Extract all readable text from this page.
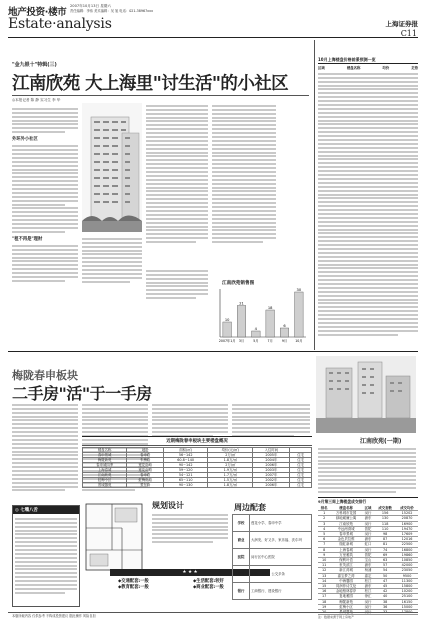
地产投资·楼市
2007年10月13日 星期六
责任编辑：李伟 美术编辑：吴 旭 电话：021-38967xxx
Estate·analysis	上海证券报
C11
"金九银十"特辑(三)
江南欣苑 大上海里"讨生活"的小社区
◎本报记者 陈 静 实习生 李 华
外环外小社区
"租不再是"理财
江南欣苑销售图
10
2007年1月
21
3月
4
5月
18
7月
6
9月
30
10月
10月上海楼盘价格前景预测一览
区域	楼盘名称	均价	走势
梅陇春申板块
二手房"活"于一手房
江南欣苑(一期)
近期梅陇春申板块主要楼盘概况
楼盘名称	地址	面积(㎡)	均价(元/㎡)	入住时间	
春申景城	春申路	56~142	2万/㎡	2005年	住宅
梅陇新苑	朱梅路	60.8~140	1.8万/㎡	2004年	住宅
春申城四季	莲花南路	90~142	2万/㎡	2006年	住宅
上海春城	莲花南路	59~120	1.9万/㎡	2003年	住宅
江南欣苑	春申路	54~121	1.7万/㎡	2007年	住宅
虹梅小区	虹梅南路	65~110	1.5万/㎡	2002年	住宅
景城馨苑	景东路	90~130	1.8万/㎡	2006年	住宅
◎ 七嘴八舌
规划设计
★ ★ ★
◆交通配套:一般	◆生活配套:较好
◆教育配套:一般	◆商业配套:一般
周边配套
学校	莲花小学、春申中学
商业	大润发、好又多、家乐福、沃尔玛
医院	闵行区中心医院
交通	地铁一号线、公交多条
银行	工商银行、建设银行
9月第三周上海楼盘成交排行
排名	楼盘名称	区域	成交套数	成交均价
1	万科城市花园	闵行	156	15202
2	绿地崴廉公寓	浦东	130	20870
3	江南欣苑	闵行	118	16900
4	中远两湾城	普陀	110	19470
5	春申景城	闵行	98	17609
6	金色贝拉维	浦东	87	12016
7	瑞虹新城	虹口	81	22500
8	上海春城	闵行	74	16800
9	万里雅筑	普陀	69	19860
10	保利叶语	宝山	63	10850
11	世茂滨江	浦东	57	42000
12	新江湾城	杨浦	54	23050
13	嘉宝梦之湾	嘉定	50	9500
14	中海馨园	松江	47	11300
15	同润菲诗艾伦	浦东	45	15800
16	金地格林春岸	松江	42	10200
17	复地雅园	徐汇	40	25100
18	梅陇新苑	闵行	38	16150
19	虹梅小区	闵行	36	15000
20	景城馨苑	闵行	33	17800
注：数据来源于网上房地产
本版所载内容 仅供参考 不构成投资建议 据此操作 风险自担
